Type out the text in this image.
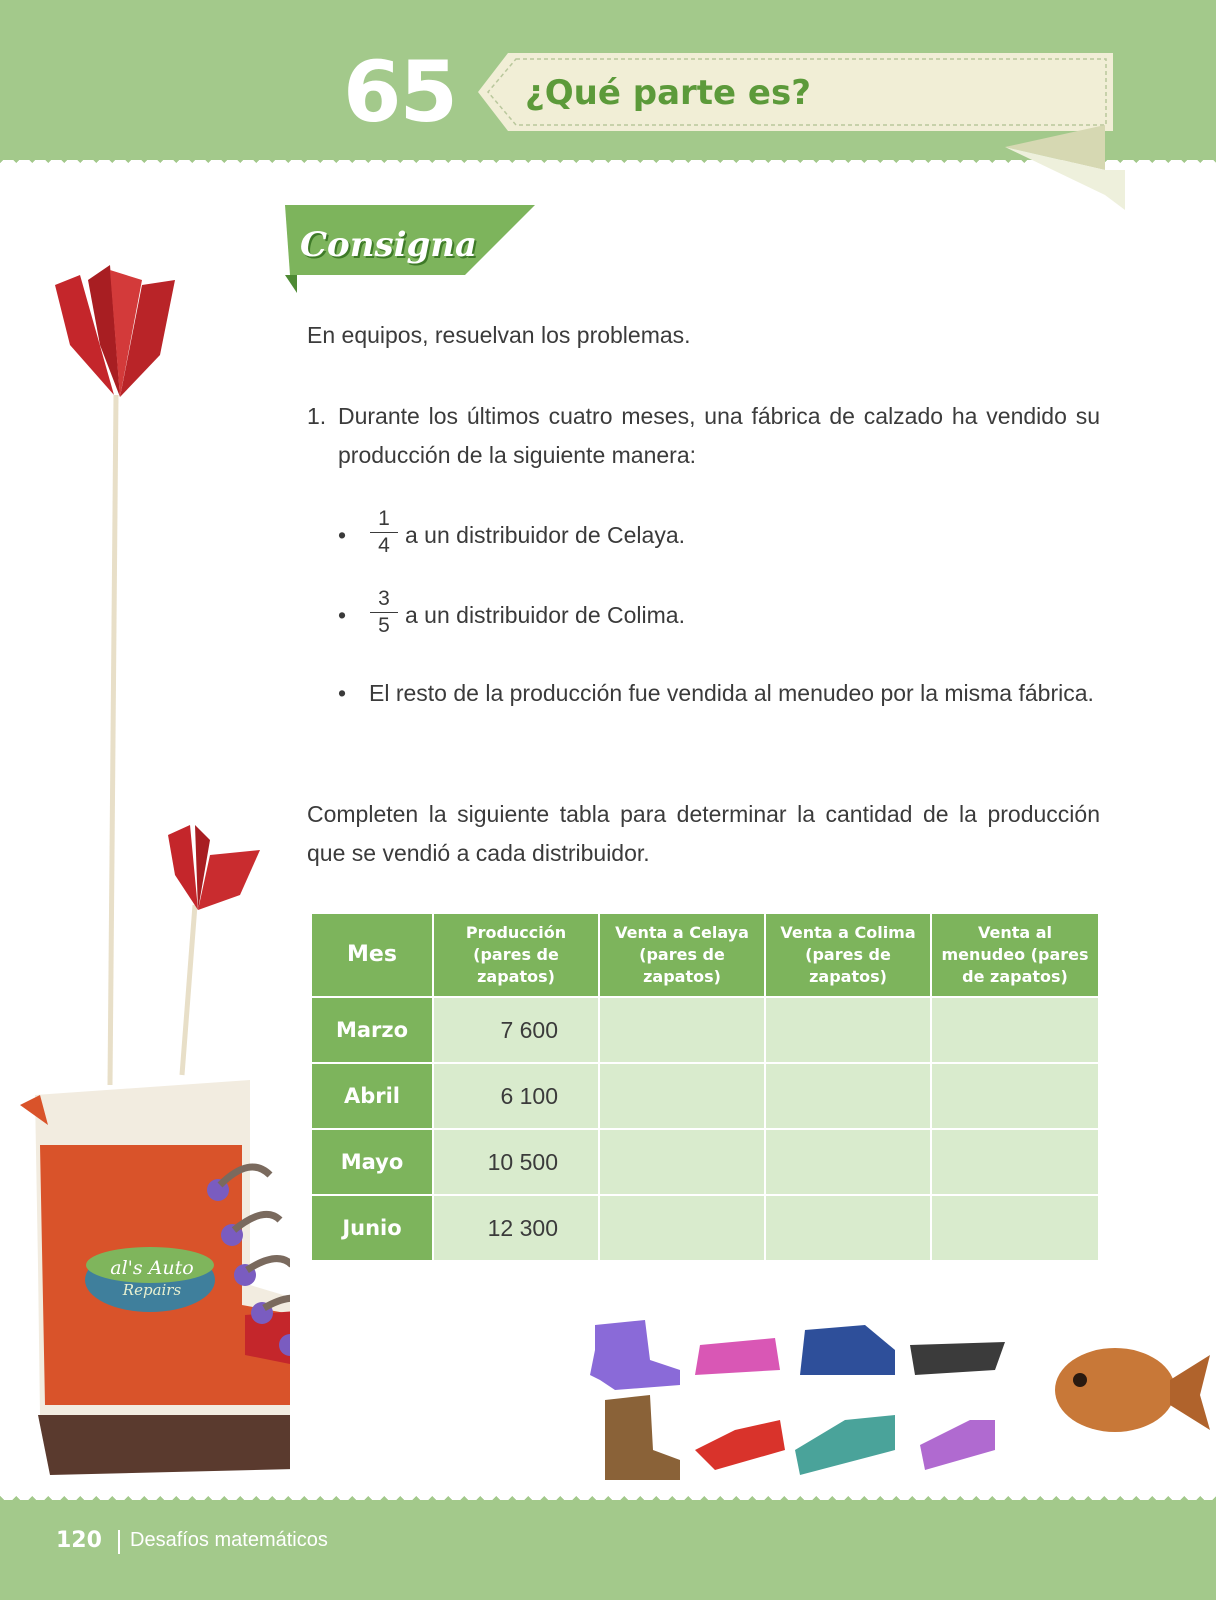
65 ¿Qué parte es?
Consigna
En equipos, resuelvan los problemas.
1. Durante los últimos cuatro meses, una fábrica de calzado ha vendido su producción de la siguiente manera:
• $\frac{1}{4}$ a un distribuidor de Celaya.
• $\frac{3}{5}$ a un distribuidor de Colima.
• El resto de la producción fue vendida al menudeo por la misma fábrica.
Completen la siguiente tabla para determinar la cantidad de la producción que se vendió a cada distribuidor.
Mes	Producción (pares de zapatos)	Venta a Celaya (pares de zapatos)	Venta a Colima (pares de zapatos)	Venta al menudeo (pares de zapatos)
Marzo	7 600			
Abril	6 100			
Mayo	10 500			
Junio	12 300			
al's Auto
Repairs
120 Desafíos matemáticos
